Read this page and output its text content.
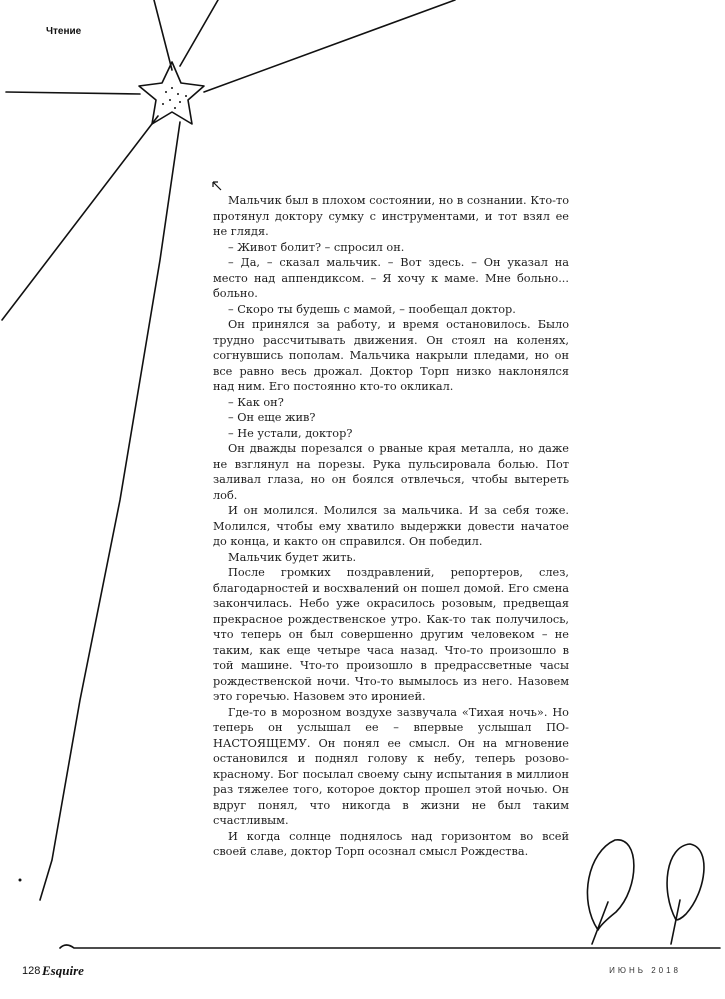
Чтение

Мальчик был в плохом состоянии, но в сознании. Кто-то протянул доктору сумку с инструментами, и тот взял ее не глядя.

– Живот болит? – спросил он.

– Да, – сказал мальчик. – Вот здесь. – Он указал на место над аппендиксом. – Я хочу к маме. Мне больно... больно.

– Скоро ты будешь с мамой, – пообещал доктор.

Он принялся за работу, и время остановилось. Было трудно рассчитывать движения. Он стоял на коленях, согнувшись пополам. Мальчика накрыли пледами, но он все равно весь дрожал. Доктор Торп низко наклонялся над ним. Его постоянно кто-то окликал.

– Как он?

– Он еще жив?

– Не устали, доктор?

Он дважды порезался о рваные края металла, но даже не взглянул на порезы. Рука пульсировала болью. Пот заливал глаза, но он боялся отвлечься, чтобы вытереть лоб.

И он молился. Молился за мальчика. И за себя тоже. Молился, чтобы ему хватило выдержки довести начатое до конца, и както он справился. Он победил.

Мальчик будет жить.

После громких поздравлений, репортеров, слез, благодарностей и восхвалений он пошел домой. Его смена закончилась. Небо уже окрасилось розовым, предвещая прекрасное рождественское утро. Как-то так получилось, что теперь он был совершенно другим человеком – не таким, как еще четыре часа назад. Что-то произошло в той машине. Что-то произошло в предрассветные часы рождественской ночи. Что-то вымылось из него. Назовем это горечью. Назовем это иронией.

Где-то в морозном воздухе зазвучала «Тихая ночь». Но теперь он услышал ее – впервые услышал ПО-НАСТОЯЩЕМУ. Он понял ее смысл. Он на мгновение остановился и поднял голову к небу, теперь розово-красному. Бог посылал своему сыну испытания в миллион раз тяжелее того, которое доктор прошел этой ночью. Он вдруг понял, что никогда в жизни не был таким счастливым.

И когда солнце поднялось над горизонтом во всей своей славе, доктор Торп осознал смысл Рождества.

128 Esquire	ИЮНЬ 2018
